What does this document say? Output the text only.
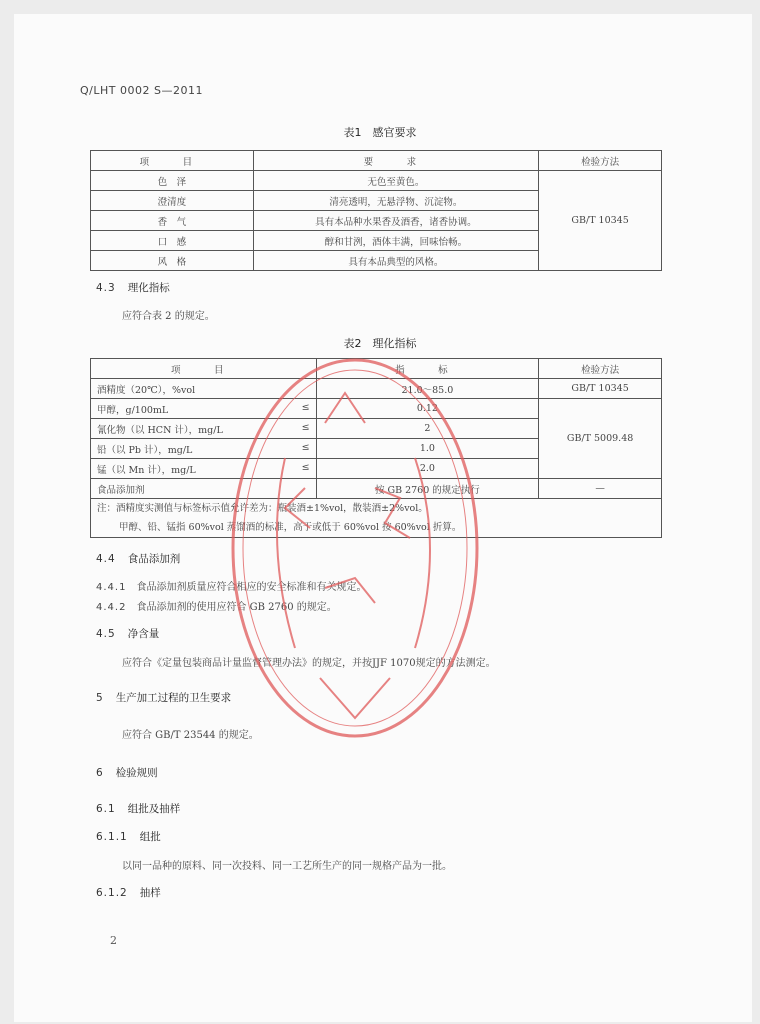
Q/LHT 0002 S—2011
表1　感官要求
项　目	要　求	检验方法
色　泽	无色至黄色。	GB/T 10345
澄清度	清亮透明，无悬浮物、沉淀物。	
香　气	具有本品种水果香及酒香，诸香协调。	
口　感	醇和甘洌，酒体丰满，回味怡畅。	
风　格	具有本品典型的风格。	
4.3 理化指标
应符合表 2 的规定。
表2　理化指标
项　目	指　标	检验方法
酒精度（20℃），%vol	21.0～85.0	GB/T 10345
甲醇，g/100mL ≤	0.12	GB/T 5009.48
氰化物（以 HCN 计），mg/L ≤	2	
铅（以 Pb 计），mg/L ≤	1.0	
锰（以 Mn 计），mg/L ≤	2.0	
食品添加剂	按 GB 2760 的规定执行	—

注：酒精度实测值与标签标示值允许差为：瓶装酒±1%vol，散装酒±2%vol。
甲醇、铅、锰指 60%vol 蒸馏酒的标准，高于或低于 60%vol 按 60%vol 折算。		
4.4 食品添加剂
4.4.1 食品添加剂质量应符合相应的安全标准和有关规定。
4.4.2 食品添加剂的使用应符合 GB 2760 的规定。
4.5 净含量
应符合《定量包装商品计量监督管理办法》的规定，并按JJF 1070规定的方法测定。
5 生产加工过程的卫生要求
应符合 GB/T 23544 的规定。
6 检验规则
6.1 组批及抽样
6.1.1 组批
以同一品种的原料、同一次投料、同一工艺所生产的同一规格产品为一批。
6.1.2 抽样
2
